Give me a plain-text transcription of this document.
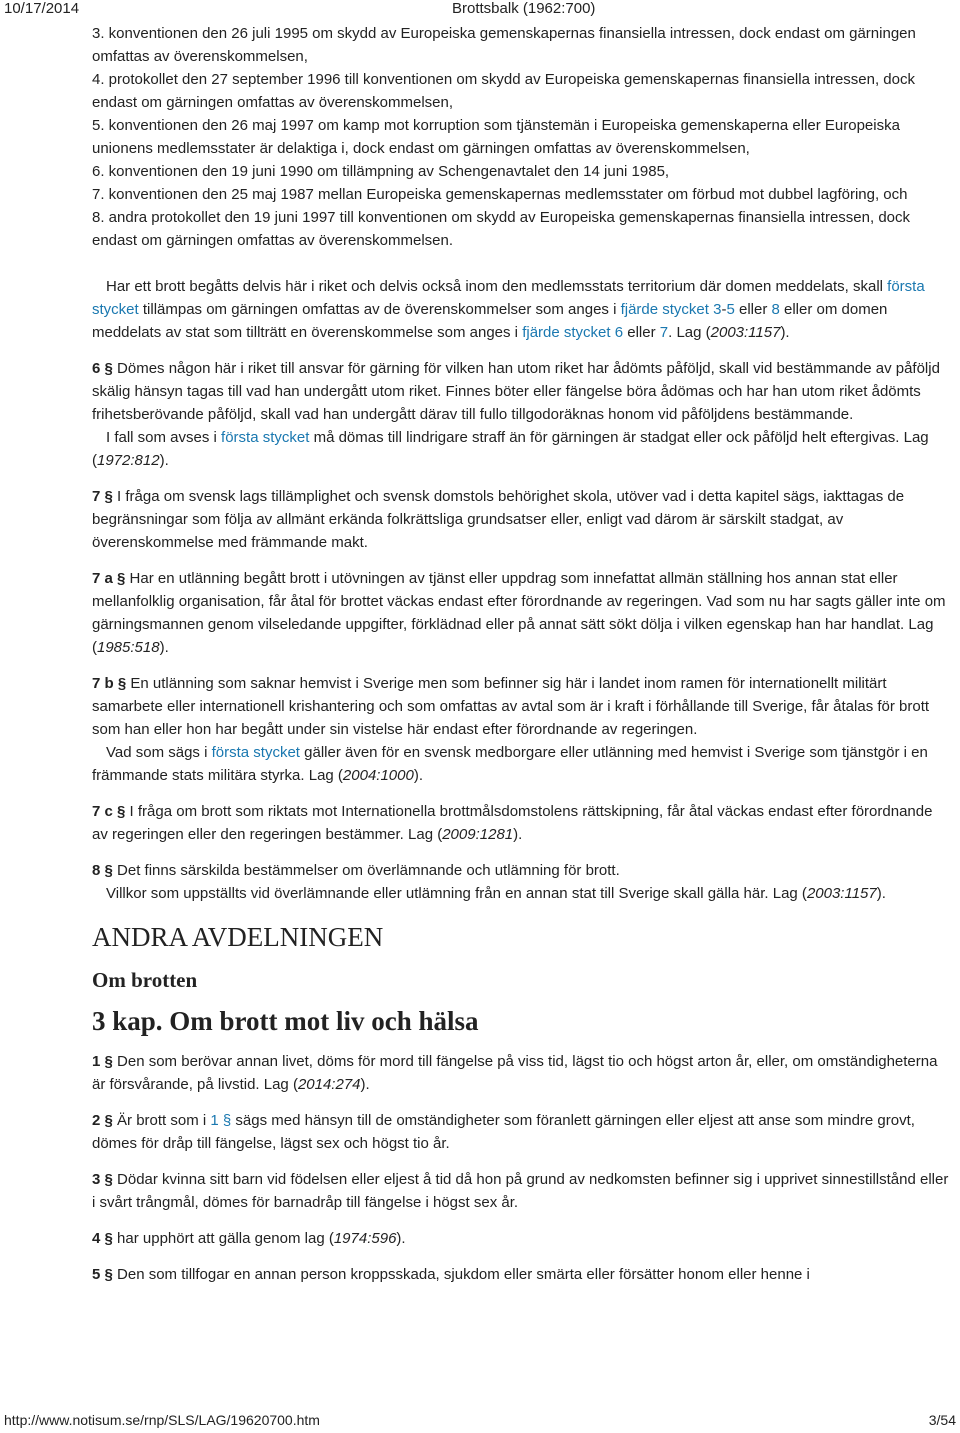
10/17/2014	Brottsbalk (1962:700)

3. konventionen den 26 juli 1995 om skydd av Europeiska gemenskapernas finansiella intressen, dock endast om gärningen omfattas av överenskommelsen,

4. protokollet den 27 september 1996 till konventionen om skydd av Europeiska gemenskapernas finansiella intressen, dock endast om gärningen omfattas av överenskommelsen,

5. konventionen den 26 maj 1997 om kamp mot korruption som tjänstemän i Europeiska gemenskaperna eller Europeiska unionens medlemsstater är delaktiga i, dock endast om gärningen omfattas av överenskommelsen,

6. konventionen den 19 juni 1990 om tillämpning av Schengenavtalet den 14 juni 1985,

7. konventionen den 25 maj 1987 mellan Europeiska gemenskapernas medlemsstater om förbud mot dubbel lagföring, och

8. andra protokollet den 19 juni 1997 till konventionen om skydd av Europeiska gemenskapernas finansiella intressen, dock endast om gärningen omfattas av överenskommelsen.

Har ett brott begåtts delvis här i riket och delvis också inom den medlemsstats territorium där domen meddelats, skall första stycket tillämpas om gärningen omfattas av de överenskommelser som anges i fjärde stycket 3-5 eller 8 eller om domen meddelats av stat som tillträtt en överenskommelse som anges i fjärde stycket 6 eller 7. Lag (2003:1157).

6 § Dömes någon här i riket till ansvar för gärning för vilken han utom riket har ådömts påföljd, skall vid bestämmande av påföljd skälig hänsyn tagas till vad han undergått utom riket. Finnes böter eller fängelse böra ådömas och har han utom riket ådömts frihetsberövande påföljd, skall vad han undergått därav till fullo tillgodoräknas honom vid påföljdens bestämmande.

I fall som avses i första stycket må dömas till lindrigare straff än för gärningen är stadgat eller ock påföljd helt eftergivas. Lag (1972:812).

7 § I fråga om svensk lags tillämplighet och svensk domstols behörighet skola, utöver vad i detta kapitel sägs, iakttagas de begränsningar som följa av allmänt erkända folkrättsliga grundsatser eller, enligt vad därom är särskilt stadgat, av överenskommelse med främmande makt.

7 a § Har en utlänning begått brott i utövningen av tjänst eller uppdrag som innefattat allmän ställning hos annan stat eller mellanfolklig organisation, får åtal för brottet väckas endast efter förordnande av regeringen. Vad som nu har sagts gäller inte om gärningsmannen genom vilseledande uppgifter, förklädnad eller på annat sätt sökt dölja i vilken egenskap han har handlat. Lag (1985:518).

7 b § En utlänning som saknar hemvist i Sverige men som befinner sig här i landet inom ramen för internationellt militärt samarbete eller internationell krishantering och som omfattas av avtal som är i kraft i förhållande till Sverige, får åtalas för brott som han eller hon har begått under sin vistelse här endast efter förordnande av regeringen.

Vad som sägs i första stycket gäller även för en svensk medborgare eller utlänning med hemvist i Sverige som tjänstgör i en främmande stats militära styrka. Lag (2004:1000).

7 c § I fråga om brott som riktats mot Internationella brottmålsdomstolens rättskipning, får åtal väckas endast efter förordnande av regeringen eller den regeringen bestämmer. Lag (2009:1281).

8 § Det finns särskilda bestämmelser om överlämnande och utlämning för brott.

Villkor som uppställts vid överlämnande eller utlämning från en annan stat till Sverige skall gälla här. Lag (2003:1157).

ANDRA AVDELNINGEN
Om brotten
3 kap. Om brott mot liv och hälsa

1 § Den som berövar annan livet, döms för mord till fängelse på viss tid, lägst tio och högst arton år, eller, om omständigheterna är försvårande, på livstid. Lag (2014:274).

2 § Är brott som i 1 § sägs med hänsyn till de omständigheter som föranlett gärningen eller eljest att anse som mindre grovt, dömes för dråp till fängelse, lägst sex och högst tio år.

3 § Dödar kvinna sitt barn vid födelsen eller eljest å tid då hon på grund av nedkomsten befinner sig i upprivet sinnestillstånd eller i svårt trångmål, dömes för barnadråp till fängelse i högst sex år.

4 § har upphört att gälla genom lag (1974:596).

5 § Den som tillfogar en annan person kroppsskada, sjukdom eller smärta eller försätter honom eller henne i

http://www.notisum.se/rnp/SLS/LAG/19620700.htm	3/54
